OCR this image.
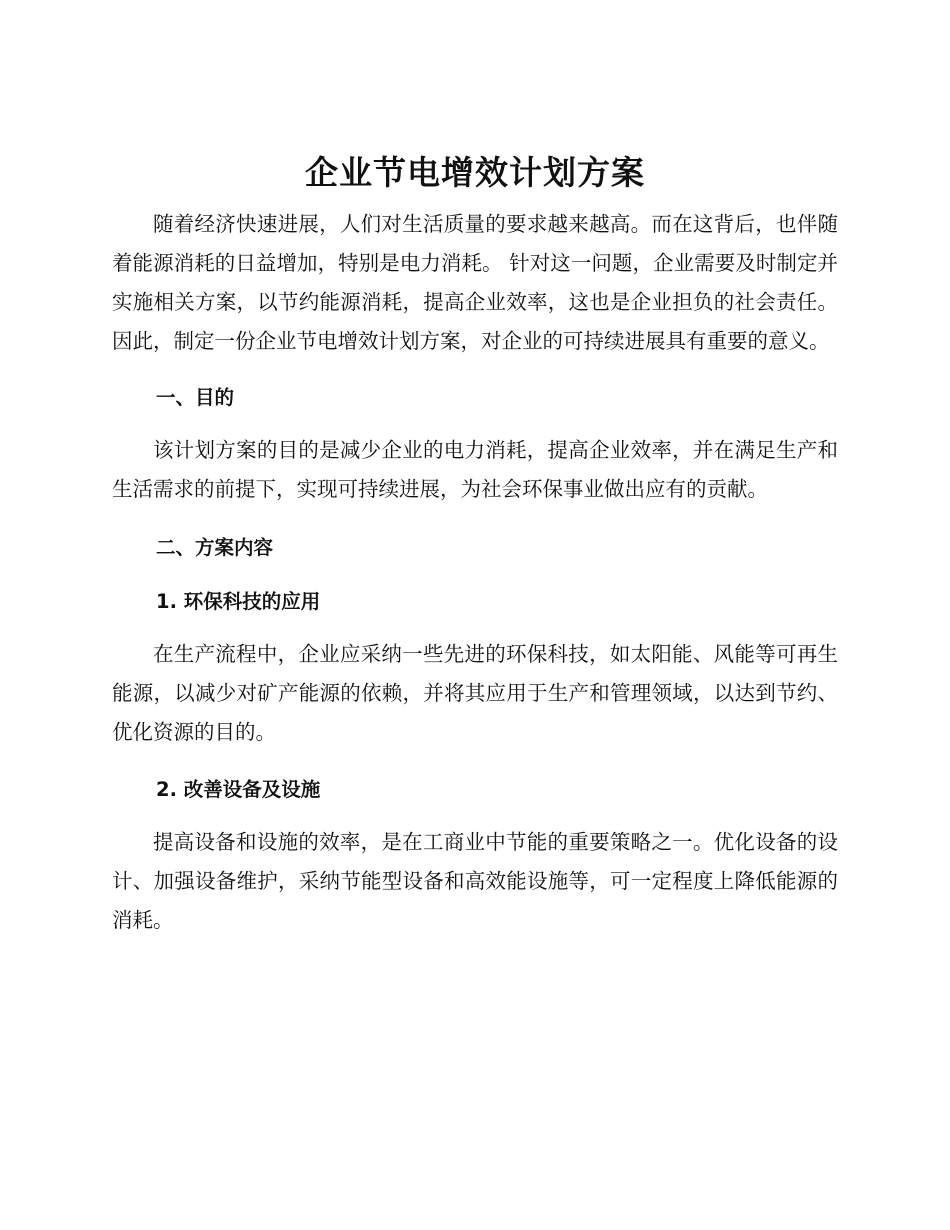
企业节电增效计划方案

随着经济快速进展，人们对生活质量的要求越来越高。而在这背后，也伴随着能源消耗的日益增加，特别是电力消耗。 针对这一问题，企业需要及时制定并实施相关方案，以节约能源消耗，提高企业效率，这也是企业担负的社会责任。 因此，制定一份企业节电增效计划方案，对企业的可持续进展具有重要的意义。

一、目的

该计划方案的目的是减少企业的电力消耗，提高企业效率，并在满足生产和生活需求的前提下，实现可持续进展，为社会环保事业做出应有的贡献。

二、方案内容
1. 环保科技的应用

在生产流程中，企业应采纳一些先进的环保科技，如太阳能、风能等可再生能源，以减少对矿产能源的依赖，并将其应用于生产和管理领域，以达到节约、优化资源的目的。

2. 改善设备及设施

提高设备和设施的效率，是在工商业中节能的重要策略之一。优化设备的设计、加强设备维护，采纳节能型设备和高效能设施等，可一定程度上降低能源的消耗。
